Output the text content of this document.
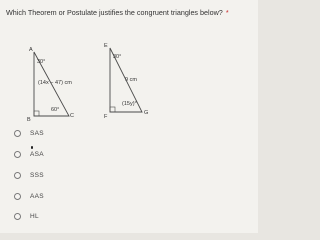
Which Theorem or Postulate justifies the congruent triangles below? *
A
B
C
30°
60°
(14x − 47) cm
E
F
G
30°
(15y)°
9 cm
SAS
ASA
SSS
AAS
HL
